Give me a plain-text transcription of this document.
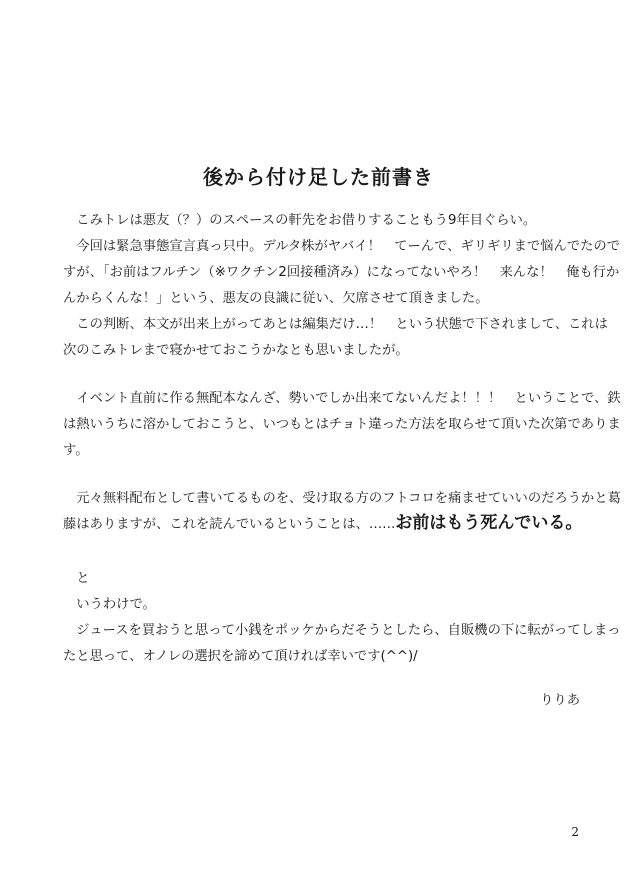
後から付け足した前書き
　こみトレは悪友（？）のスペースの軒先をお借りすることもう9年目ぐらい。
　今回は緊急事態宣言真っ只中。デルタ株がヤバイ！　てーんで、ギリギリまで悩んでたので
すが、「お前はフルチン（※ワクチン2回接種済み）になってないやろ！　来んな！　俺も行か
んからくんな！」という、悪友の良識に従い、欠席させて頂きました。
　この判断、本文が出来上がってあとは編集だけ…！　という状態で下されまして、これは
次のこみトレまで寝かせておこうかなとも思いましたが。
　イベント直前に作る無配本なんざ、勢いでしか出来てないんだよ！！！　ということで、鉄
は熱いうちに溶かしておこうと、いつもとはチョト違った方法を取らせて頂いた次第でありま
す。
　元々無料配布として書いてるものを、受け取る方のフトコロを痛ませていいのだろうかと葛
藤はありますが、これを読んでいるということは、……お前はもう死んでいる。
　と
　いうわけで。
　ジュースを買おうと思って小銭をポッケからだそうとしたら、自販機の下に転がってしまっ
たと思って、オノレの選択を諦めて頂ければ幸いです(^^)/
りりあ
2
